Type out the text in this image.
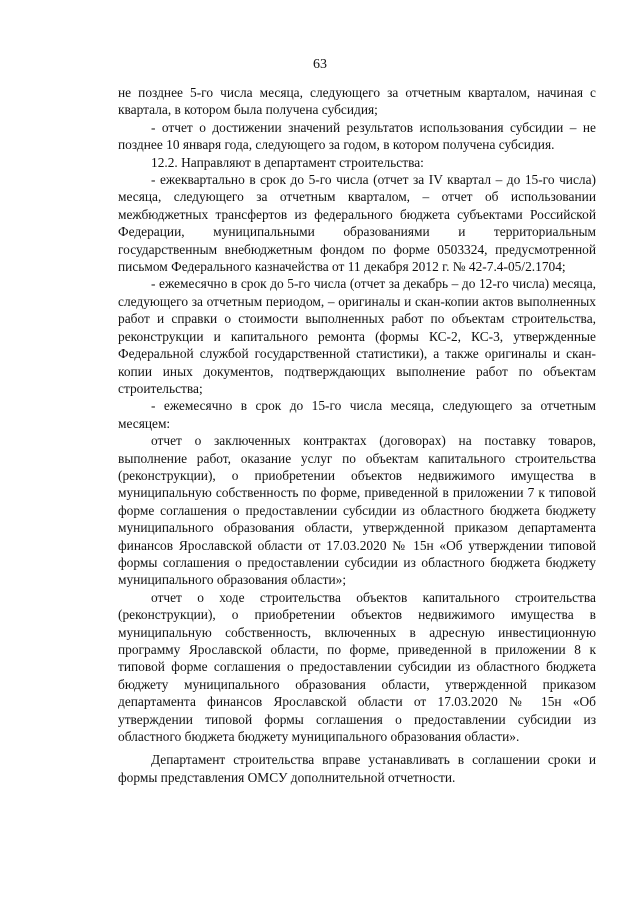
63

не позднее 5-го числа месяца, следующего за отчетным кварталом, начиная с квартала, в котором была получена субсидия;

- отчет о достижении значений результатов использования субсидии – не позднее 10 января года, следующего за годом, в котором получена субсидия.

12.2. Направляют в департамент строительства:

- ежеквартально в срок до 5-го числа (отчет за IV квартал – до 15-го числа) месяца, следующего за отчетным кварталом, – отчет об использовании межбюджетных трансфертов из федерального бюджета субъектами Российской Федерации, муниципальными образованиями и территориальным государственным внебюджетным фондом по форме 0503324, предусмотренной письмом Федерального казначейства от 11 декабря 2012 г. № 42-7.4-05/2.1704;

- ежемесячно в срок до 5-го числа (отчет за декабрь – до 12-го числа) месяца, следующего за отчетным периодом, – оригиналы и скан-копии актов выполненных работ и справки о стоимости выполненных работ по объектам строительства, реконструкции и капитального ремонта (формы КС-2, КС-3, утвержденные Федеральной службой государственной статистики), а также оригиналы и скан-копии иных документов, подтверждающих выполнение работ по объектам строительства;

- ежемесячно в срок до 15-го числа месяца, следующего за отчетным месяцем:

отчет о заключенных контрактах (договорах) на поставку товаров, выполнение работ, оказание услуг по объектам капитального строительства (реконструкции), о приобретении объектов недвижимого имущества в муниципальную собственность по форме, приведенной в приложении 7 к типовой форме соглашения о предоставлении субсидии из областного бюджета бюджету муниципального образования области, утвержденной приказом департамента финансов Ярославской области от 17.03.2020 № 15н «Об утверждении типовой формы соглашения о предоставлении субсидии из областного бюджета бюджету муниципального образования области»;

отчет о ходе строительства объектов капитального строительства (реконструкции), о приобретении объектов недвижимого имущества в муниципальную собственность, включенных в адресную инвестиционную программу Ярославской области, по форме, приведенной в приложении 8 к типовой форме соглашения о предоставлении субсидии из областного бюджета бюджету муниципального образования области, утвержденной приказом департамента финансов Ярославской области от 17.03.2020 № 15н «Об утверждении типовой формы соглашения о предоставлении субсидии из областного бюджета бюджету муниципального образования области».

Департамент строительства вправе устанавливать в соглашении сроки и формы представления ОМСУ дополнительной отчетности.
